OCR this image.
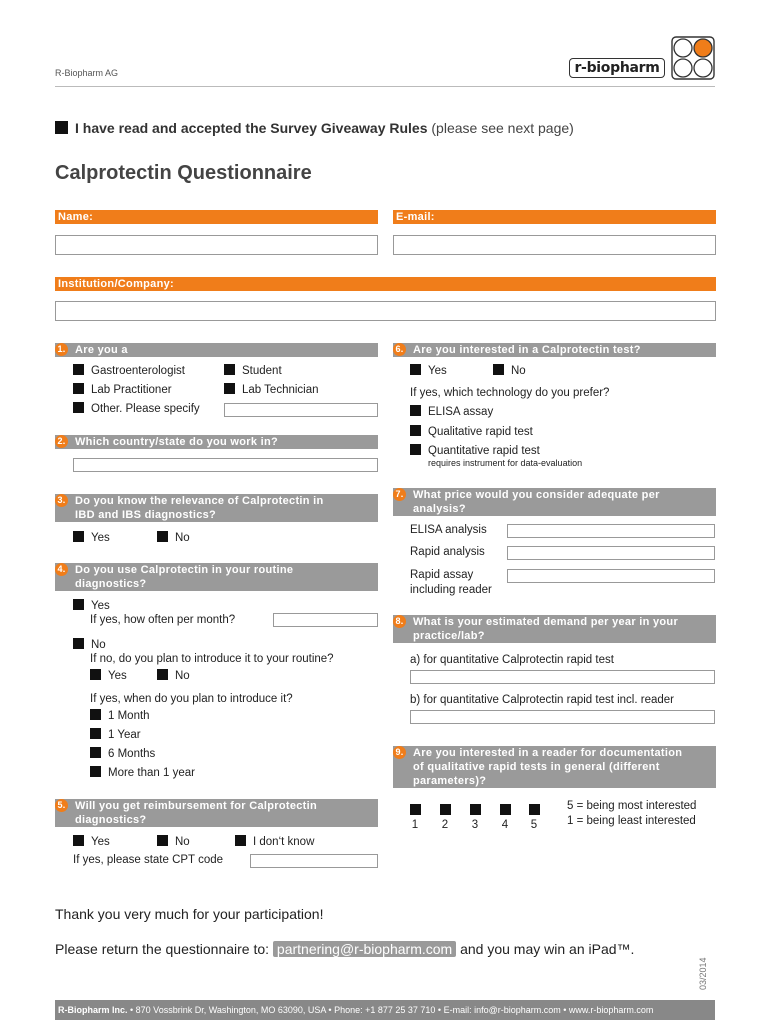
R-Biopharm AG	r-biopharm
I have read and accepted the Survey Giveaway Rules (please see next page)
Calprotectin Questionnaire
Name:	E-mail:
Institution/Company:
1. Are you a
Gastroenterologist	Student
Lab Practitioner	Lab Technician
Other. Please specify
2. Which country/state do you work in?
3. Do you know the relevance of Calprotectin in
IBD and IBS diagnostics?
Yes	No
4. Do you use Calprotectin in your routine
diagnostics?
Yes
If yes, how often per month?
No
If no, do you plan to introduce it to your routine?
Yes	No
If yes, when do you plan to introduce it?
1 Month
1 Year
6 Months
More than 1 year
5. Will you get reimbursement for Calprotectin
diagnostics?
Yes	No	I don‘t know
If yes, please state CPT code
6. Are you interested in a Calprotectin test?
Yes	No
If yes, which technology do you prefer?
ELISA assay
Qualitative rapid test
Quantitative rapid test
requires instrument for data-evaluation
7. What price would you consider adequate per
analysis?
ELISA analysis
Rapid analysis
Rapid assay
including reader
8. What is your estimated demand per year in your
practice/lab?
a) for quantitative Calprotectin rapid test
b) for quantitative Calprotectin rapid test incl. reader
9. Are you interested in a reader for documentation
of qualitative rapid tests in general (different
parameters)?
1	2	3	4	5
5 = being most interested
1 = being least interested
Thank you very much for your participation!
Please return the questionnaire to: partnering@r-biopharm.com and you may win an iPad™.
03/2014
R-Biopharm Inc. • 870 Vossbrink Dr, Washington, MO 63090, USA • Phone: +1 877 25 37 710 • E-mail: info@r-biopharm.com • www.r-biopharm.com
